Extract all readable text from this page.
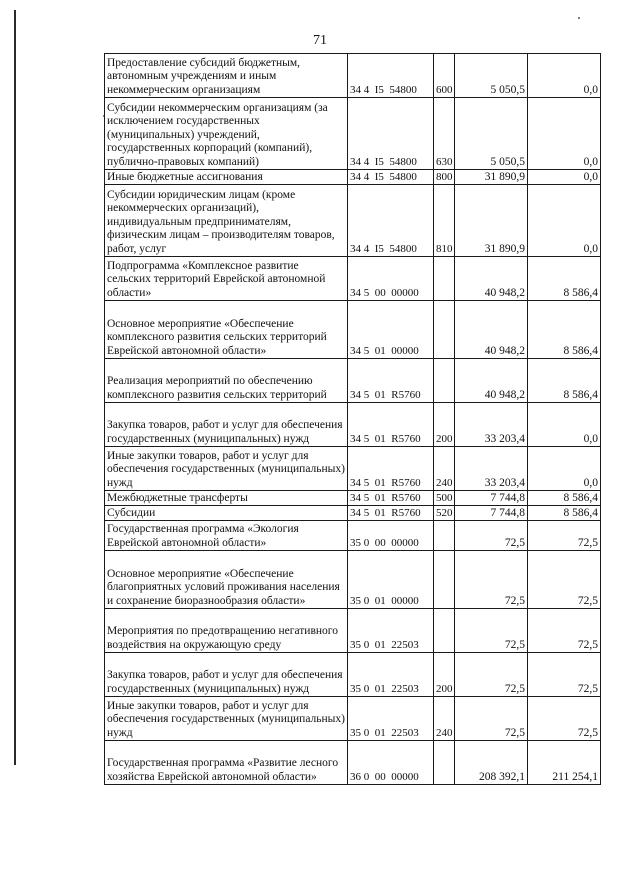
71
Предоставление субсидий бюджетным, автономным учреждениям и иным некоммерческим организациям	34 4  I5  54800	600	5 050,5	0,0
Субсидии некоммерческим организациям (за исключением государственных (муниципальных) учреждений, государственных корпораций (компаний), публично-правовых компаний)	34 4  I5  54800	630	5 050,5	0,0
Иные бюджетные ассигнования	34 4  I5  54800	800	31 890,9	0,0
Субсидии юридическим лицам (кроме некоммерческих организаций), индивидуальным предпринимателям, физическим лицам – производителям товаров, работ, услуг	34 4  I5  54800	810	31 890,9	0,0
Подпрограмма «Комплексное развитие сельских территорий Еврейской автономной области»	34 5  00  00000		40 948,2	8 586,4
Основное мероприятие «Обеспечение комплексного развития сельских территорий Еврейской автономной области»	34 5  01  00000		40 948,2	8 586,4
Реализация мероприятий по обеспечению комплексного развития сельских территорий	34 5  01  R5760		40 948,2	8 586,4
Закупка товаров, работ и услуг для обеспечения государственных (муниципальных) нужд	34 5  01  R5760	200	33 203,4	0,0
Иные закупки товаров, работ и услуг для обеспечения государственных (муниципальных) нужд	34 5  01  R5760	240	33 203,4	0,0
Межбюджетные трансферты	34 5  01  R5760	500	7 744,8	8 586,4
Субсидии	34 5  01  R5760	520	7 744,8	8 586,4
Государственная программа «Экология Еврейской автономной области»	35 0  00  00000		72,5	72,5
Основное мероприятие «Обеспечение благоприятных условий проживания населения и сохранение биоразнообразия области»	35 0  01  00000		72,5	72,5
Мероприятия по предотвращению негативного воздействия на окружающую среду	35 0  01  22503		72,5	72,5
Закупка товаров, работ и услуг для обеспечения государственных (муниципальных) нужд	35 0  01  22503	200	72,5	72,5
Иные закупки товаров, работ и услуг для обеспечения государственных (муниципальных) нужд	35 0  01  22503	240	72,5	72,5
Государственная программа «Развитие лесного хозяйства Еврейской автономной области»	36 0  00  00000		208 392,1	211 254,1
